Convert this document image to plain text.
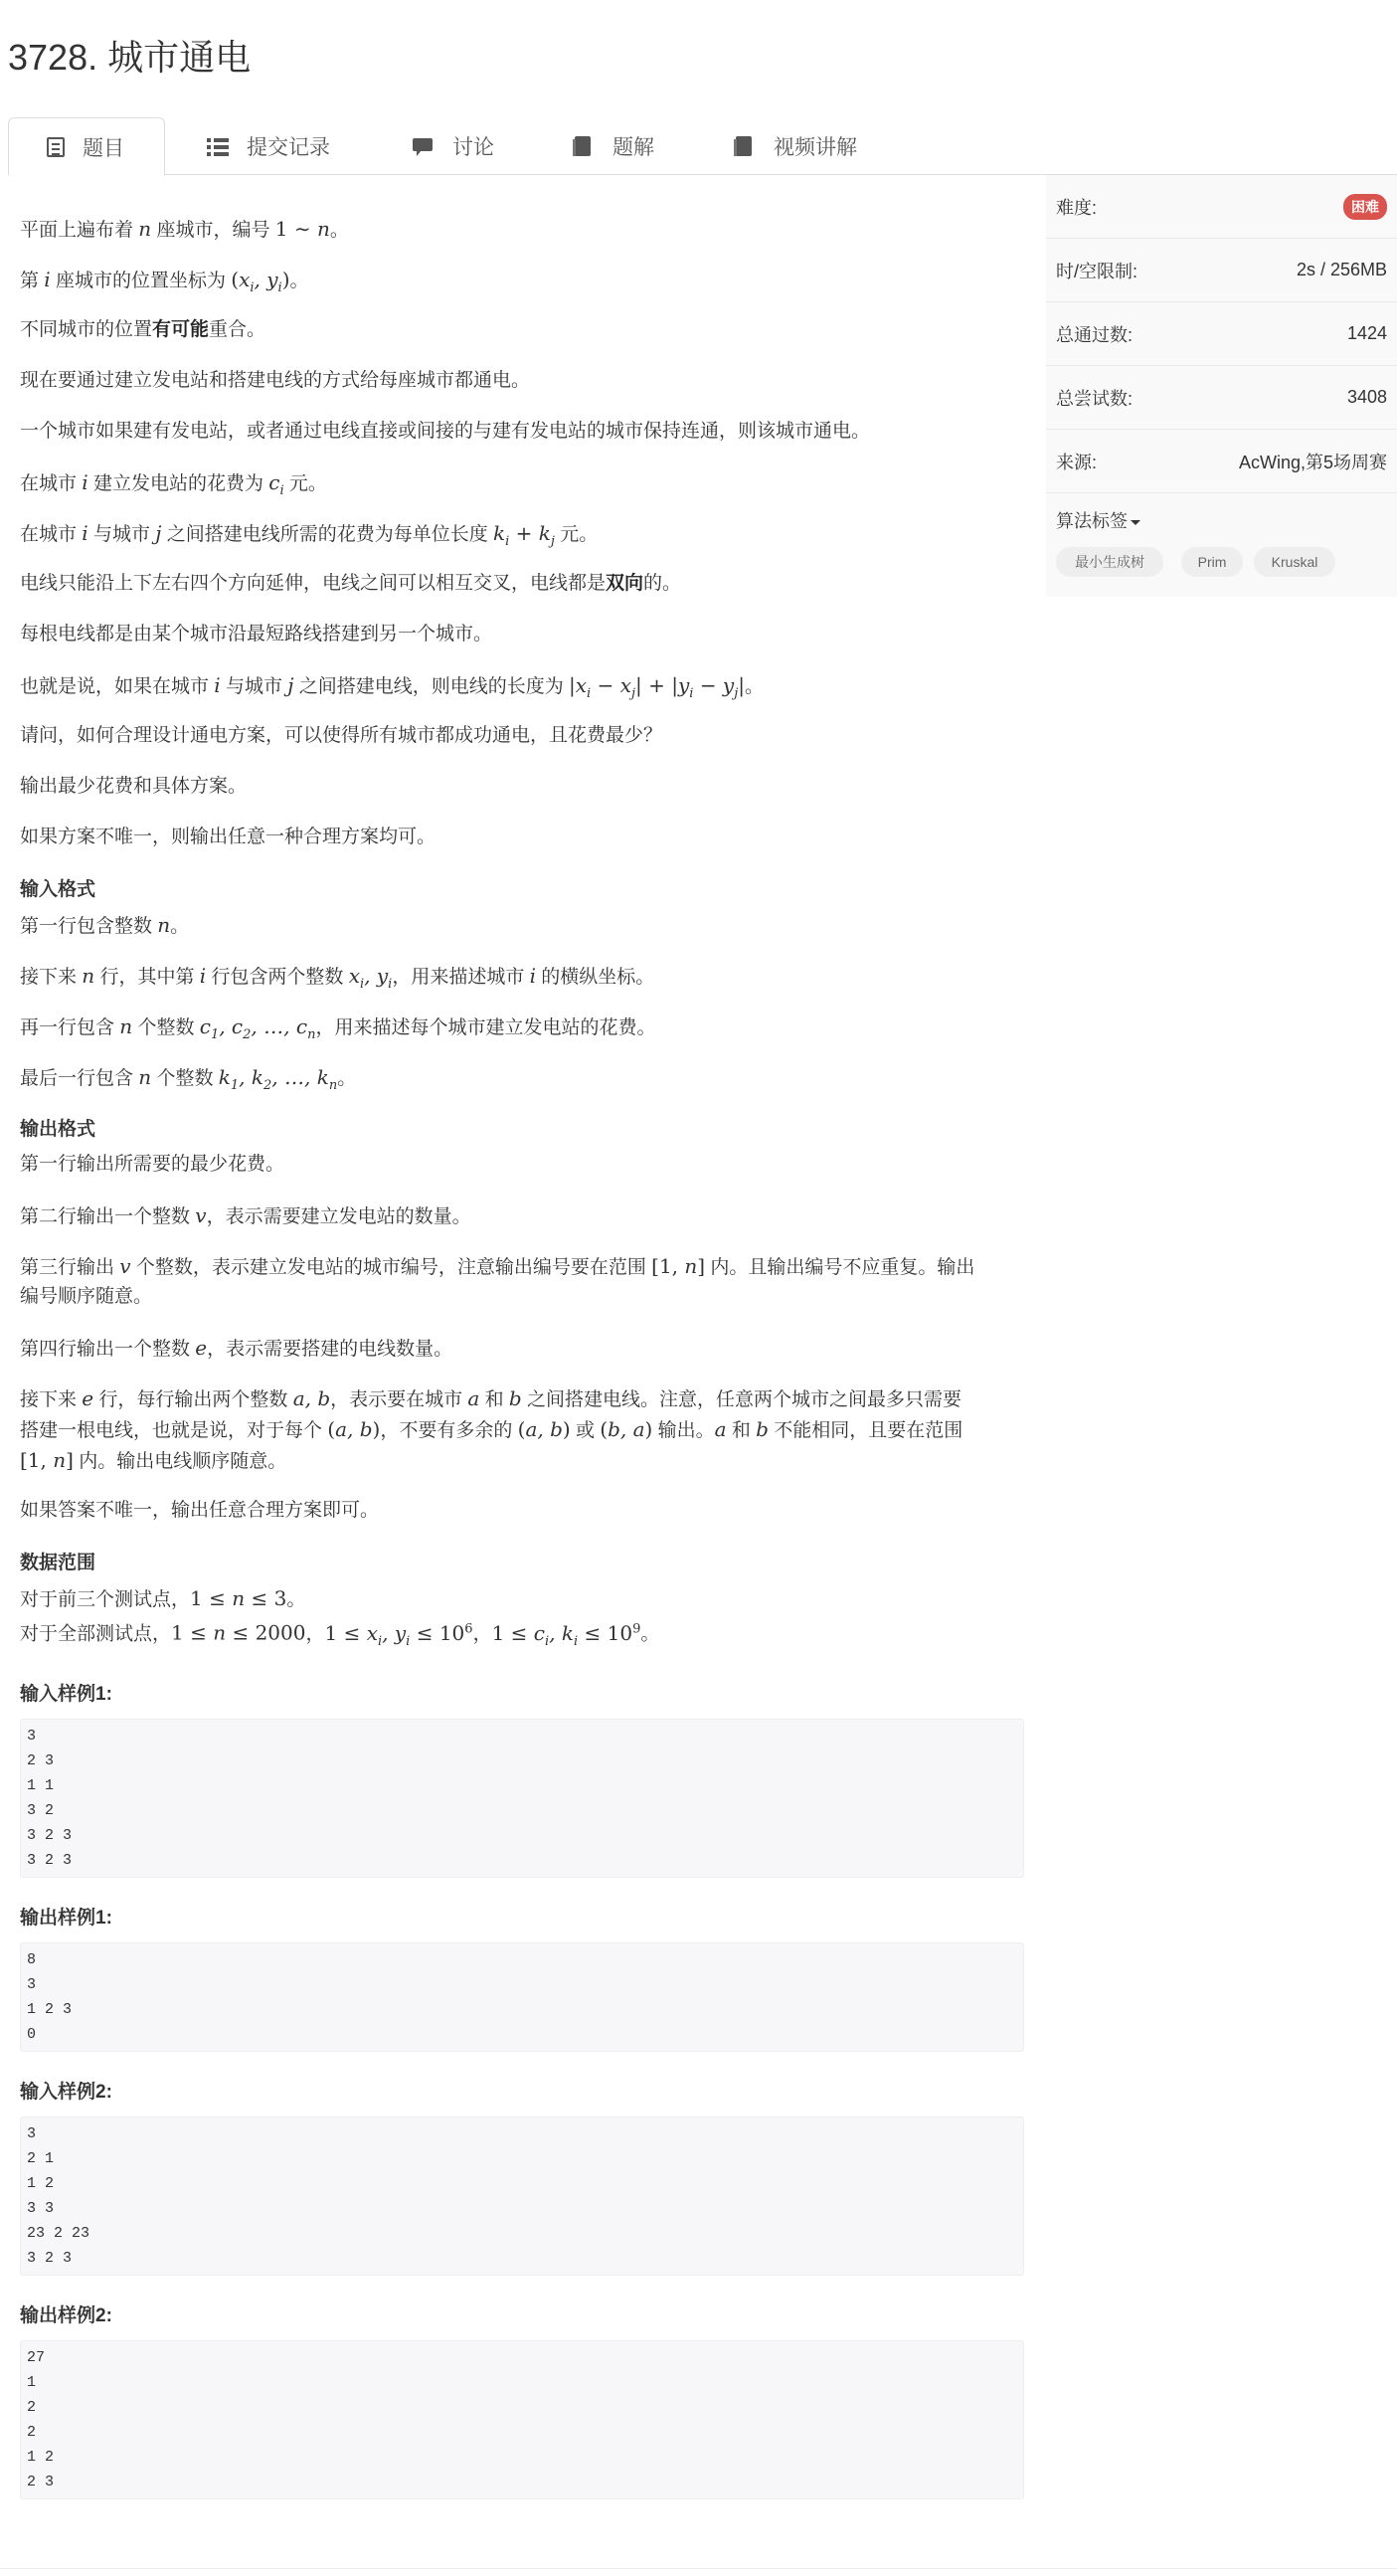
3728. 城市通电
题目	提交记录	讨论	题解	视频讲解

平面上遍布着 n 座城市，编号 1 ∼ n。

第 i 座城市的位置坐标为 ($x_i$, $y_i$)。

不同城市的位置有可能重合。

现在要通过建立发电站和搭建电线的方式给每座城市都通电。

一个城市如果建有发电站，或者通过电线直接或间接的与建有发电站的城市保持连通，则该城市通电。

在城市 i 建立发电站的花费为 $c_i$ 元。

在城市 i 与城市 j 之间搭建电线所需的花费为每单位长度 $k_i + k_j$ 元。

电线只能沿上下左右四个方向延伸，电线之间可以相互交叉，电线都是双向的。

每根电线都是由某个城市沿最短路线搭建到另一个城市。

也就是说，如果在城市 i 与城市 j 之间搭建电线，则电线的长度为 $|x_i - x_j| + |y_i - y_j|$。

请问，如何合理设计通电方案，可以使得所有城市都成功通电，且花费最少？

输出最少花费和具体方案。

如果方案不唯一，则输出任意一种合理方案均可。

输入格式

第一行包含整数 n。

接下来 n 行，其中第 i 行包含两个整数 $x_i$, $y_i$，用来描述城市 i 的横纵坐标。

再一行包含 n 个整数 $c_1$, $c_2$, …, $c_n$，用来描述每个城市建立发电站的花费。

最后一行包含 n 个整数 $k_1$, $k_2$, …, $k_n$。

输出格式

第一行输出所需要的最少花费。

第二行输出一个整数 v，表示需要建立发电站的数量。

第三行输出 v 个整数，表示建立发电站的城市编号，注意输出编号要在范围 [1, n] 内。且输出编号不应重复。输出

编号顺序随意。

第四行输出一个整数 e，表示需要搭建的电线数量。

接下来 e 行，每行输出两个整数 a, b，表示要在城市 a 和 b 之间搭建电线。注意，任意两个城市之间最多只需要

搭建一根电线，也就是说，对于每个 (a, b)，不要有多余的 (a, b) 或 (b, a) 输出。a 和 b 不能相同，且要在范围

[1, n] 内。输出电线顺序随意。

如果答案不唯一，输出任意合理方案即可。

数据范围

对于前三个测试点，1 ≤ n ≤ 3。

对于全部测试点，1 ≤ n ≤ 2000，$1 \le x_i$, $y_i \le 10^6$，$1 \le c_i$, $k_i \le 10^9$。

输入样例1:
3
2 3
1 1
3 2
3 2 3
3 2 3
输出样例1:
8
3
1 2 3
0
输入样例2:
3
2 1
1 2
3 3
23 2 23
3 2 3
输出样例2:
27
1
2
2
1 2
2 3
难度:	困难
时/空限制:	2s / 256MB
总通过数:	1424
总尝试数:	3408
来源:	AcWing,第5场周赛
算法标签
最小生成树	Prim	Kruskal
